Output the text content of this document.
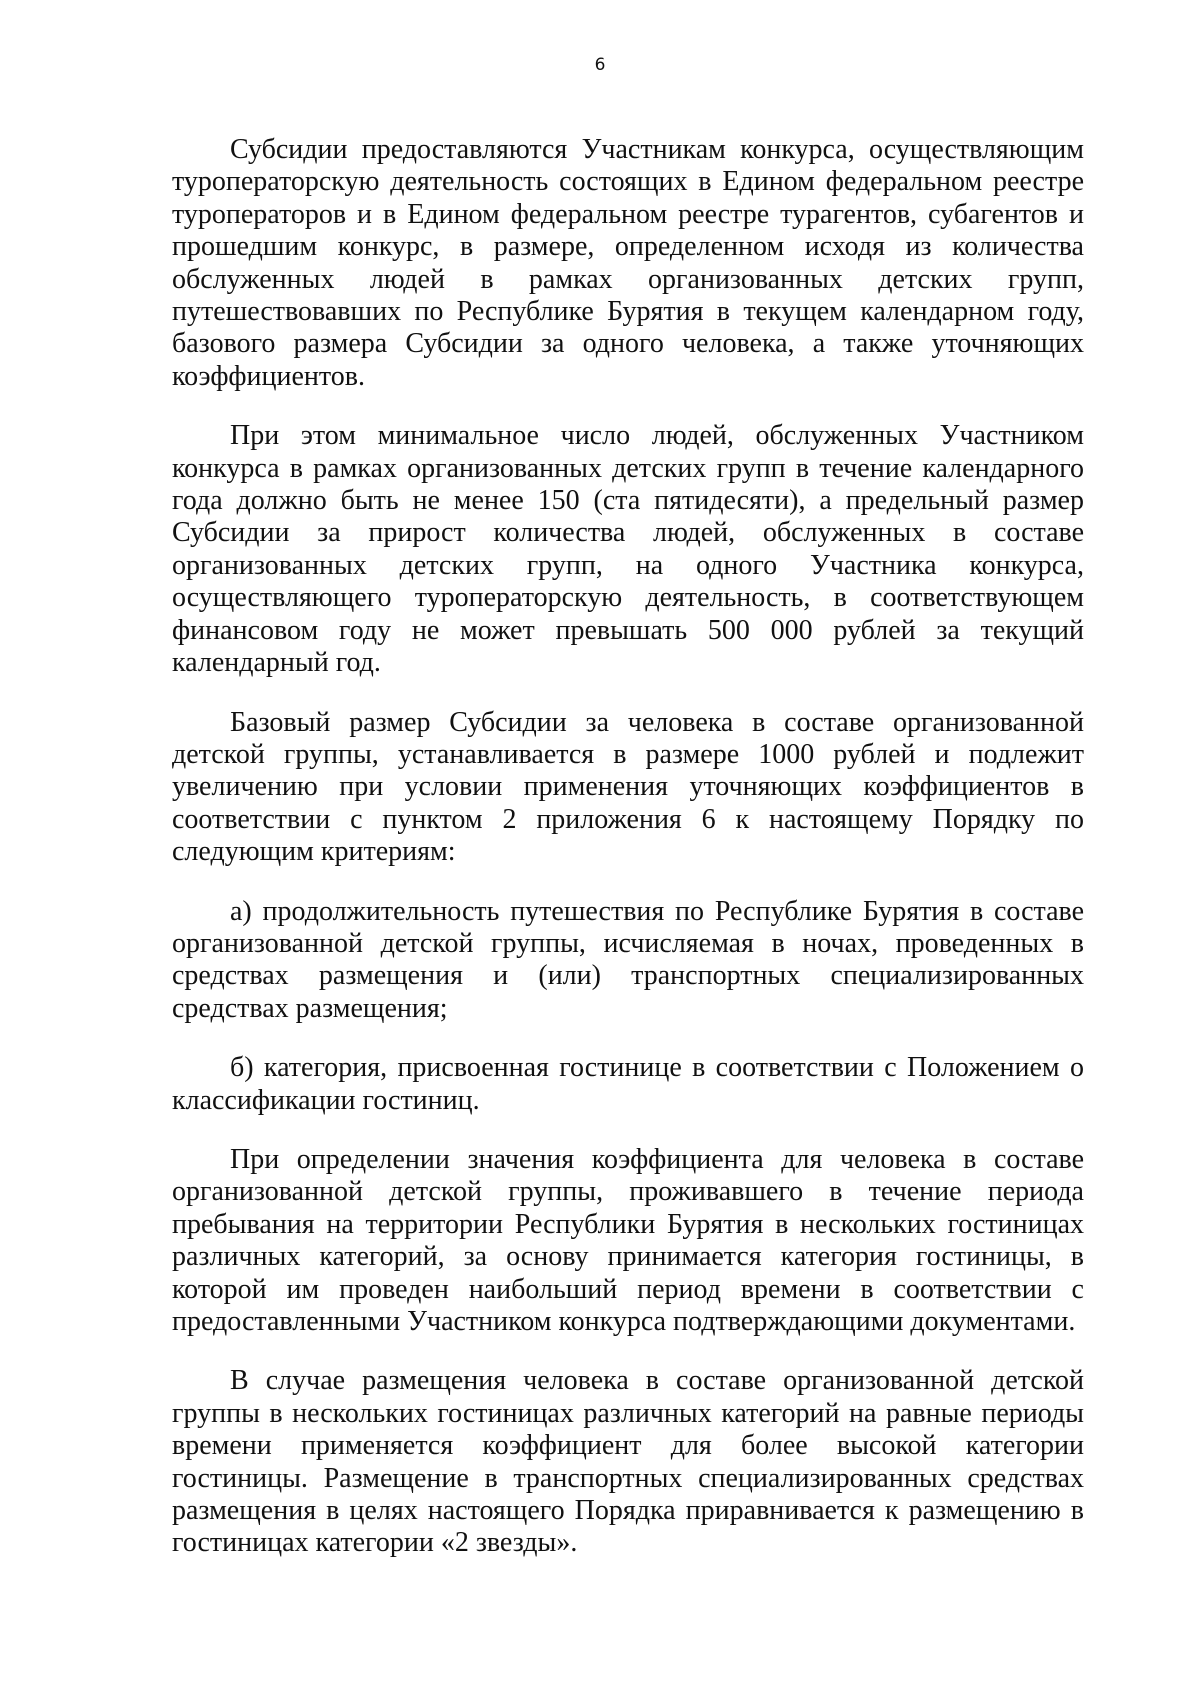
6

Субсидии предоставляются Участникам конкурса, осуществляющим туроператорскую деятельность состоящих в Едином федеральном реестре туроператоров и в Едином федеральном реестре турагентов, субагентов и прошедшим конкурс, в размере, определенном исходя из количества обслуженных людей в рамках организованных детских групп, путешествовавших по Республике Бурятия в текущем календарном году, базового размера Субсидии за одного человека, а также уточняющих коэффициентов.

При этом минимальное число людей, обслуженных Участником конкурса в рамках организованных детских групп в течение календарного года должно быть не менее 150 (ста пятидесяти), а предельный размер Субсидии за прирост количества людей, обслуженных в составе организованных детских групп, на одного Участника конкурса, осуществляющего туроператорскую деятельность, в соответствующем финансовом году не может превышать 500 000 рублей за текущий календарный год.

Базовый размер Субсидии за человека в составе организованной детской группы, устанавливается в размере 1000 рублей и подлежит увеличению при условии применения уточняющих коэффициентов в соответствии с пунктом 2 приложения 6 к настоящему Порядку по следующим критериям:

а) продолжительность путешествия по Республике Бурятия в составе организованной детской группы, исчисляемая в ночах, проведенных в средствах размещения и (или) транспортных специализированных средствах размещения;

б) категория, присвоенная гостинице в соответствии с Положением о классификации гостиниц.

При определении значения коэффициента для человека в составе организованной детской группы, проживавшего в течение периода пребывания на территории Республики Бурятия в нескольких гостиницах различных категорий, за основу принимается категория гостиницы, в которой им проведен наибольший период времени в соответствии с предоставленными Участником конкурса подтверждающими документами.

В случае размещения человека в составе организованной детской группы в нескольких гостиницах различных категорий на равные периоды времени применяется коэффициент для более высокой категории гостиницы. Размещение в транспортных специализированных средствах размещения в целях настоящего Порядка приравнивается к размещению в гостиницах категории «2 звезды».
